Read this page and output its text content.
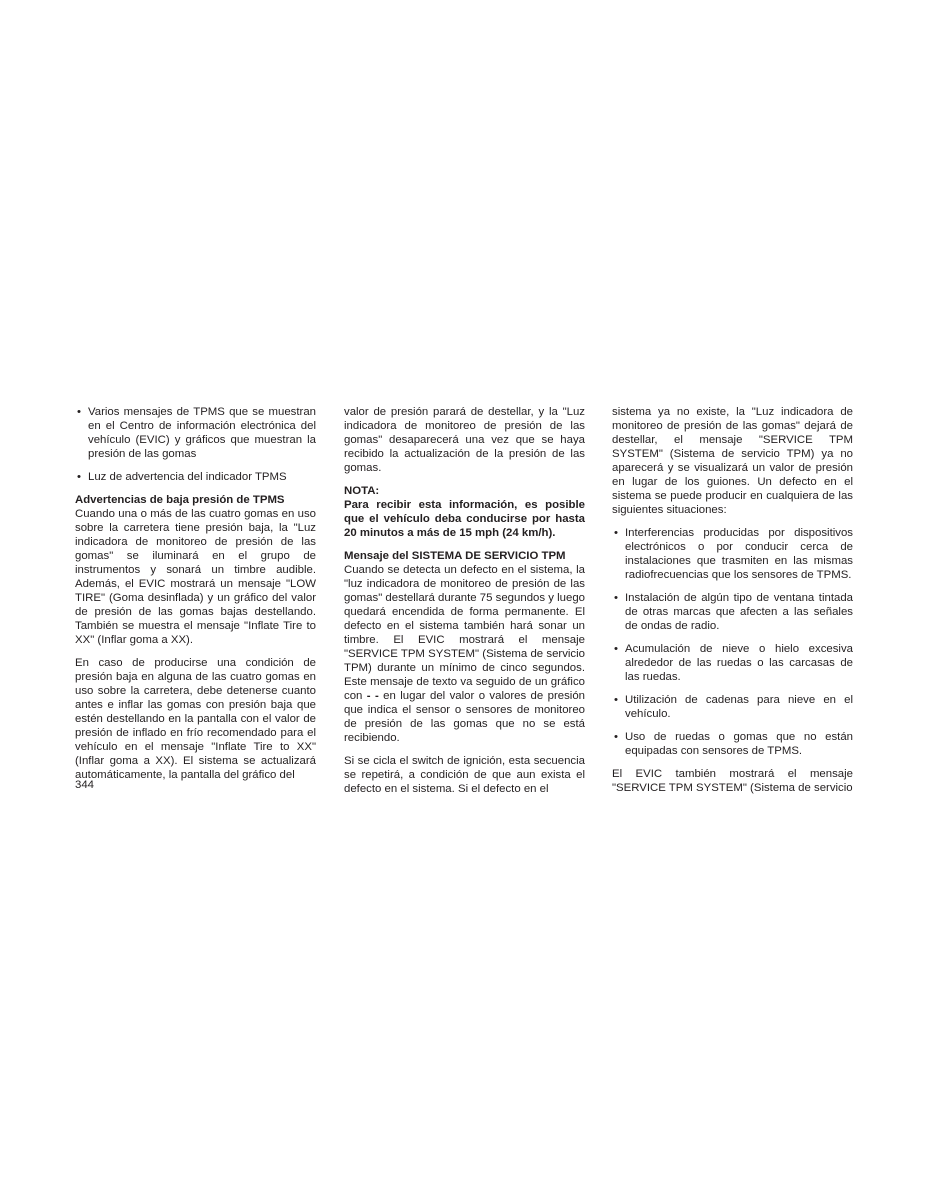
• Varios mensajes de TPMS que se muestran en el Centro de información electrónica del vehículo (EVIC) y gráficos que muestran la presión de las gomas
• Luz de advertencia del indicador TPMS

Advertencias de baja presión de TPMS

Cuando una o más de las cuatro gomas en uso sobre la carretera tiene presión baja, la "Luz indicadora de monitoreo de presión de las gomas" se iluminará en el grupo de instrumentos y sonará un timbre audible. Además, el EVIC mostrará un mensaje "LOW TIRE" (Goma desinflada) y un gráfico del valor de presión de las gomas bajas destellando. También se muestra el mensaje "Inflate Tire to XX" (Inflar goma a XX).

En caso de producirse una condición de presión baja en alguna de las cuatro gomas en uso sobre la carretera, debe detenerse cuanto antes e inflar las gomas con presión baja que estén destellando en la pantalla con el valor de presión de inflado en frío recomendado para el vehículo en el mensaje "Inflate Tire to XX" (Inflar goma a XX). El sistema se actualizará automáticamente, la pantalla del gráfico del

valor de presión parará de destellar, y la "Luz indicadora de monitoreo de presión de las gomas" desaparecerá una vez que se haya recibido la actualización de la presión de las gomas.

NOTA:

Para recibir esta información, es posible que el vehículo deba conducirse por hasta 20 minutos a más de 15 mph (24 km/h).

Mensaje del SISTEMA DE SERVICIO TPM

Cuando se detecta un defecto en el sistema, la "luz indicadora de monitoreo de presión de las gomas" destellará durante 75 segundos y luego quedará encendida de forma permanente. El defecto en el sistema también hará sonar un timbre. El EVIC mostrará el mensaje "SERVICE TPM SYSTEM" (Sistema de servicio TPM) durante un mínimo de cinco segundos. Este mensaje de texto va seguido de un gráfico con - - en lugar del valor o valores de presión que indica el sensor o sensores de monitoreo de presión de las gomas que no se está recibiendo.

Si se cicla el switch de ignición, esta secuencia se repetirá, a condición de que aun exista el defecto en el sistema. Si el defecto en el

sistema ya no existe, la "Luz indicadora de monitoreo de presión de las gomas" dejará de destellar, el mensaje "SERVICE TPM SYSTEM" (Sistema de servicio TPM) ya no aparecerá y se visualizará un valor de presión en lugar de los guiones. Un defecto en el sistema se puede producir en cualquiera de las siguientes situaciones:

• Interferencias producidas por dispositivos electrónicos o por conducir cerca de instalaciones que trasmiten en las mismas radiofrecuencias que los sensores de TPMS.
• Instalación de algún tipo de ventana tintada de otras marcas que afecten a las señales de ondas de radio.
• Acumulación de nieve o hielo excesiva alrededor de las ruedas o las carcasas de las ruedas.
• Utilización de cadenas para nieve en el vehículo.
• Uso de ruedas o gomas que no están equipadas con sensores de TPMS.

El EVIC también mostrará el mensaje "SERVICE TPM SYSTEM" (Sistema de servicio

344
